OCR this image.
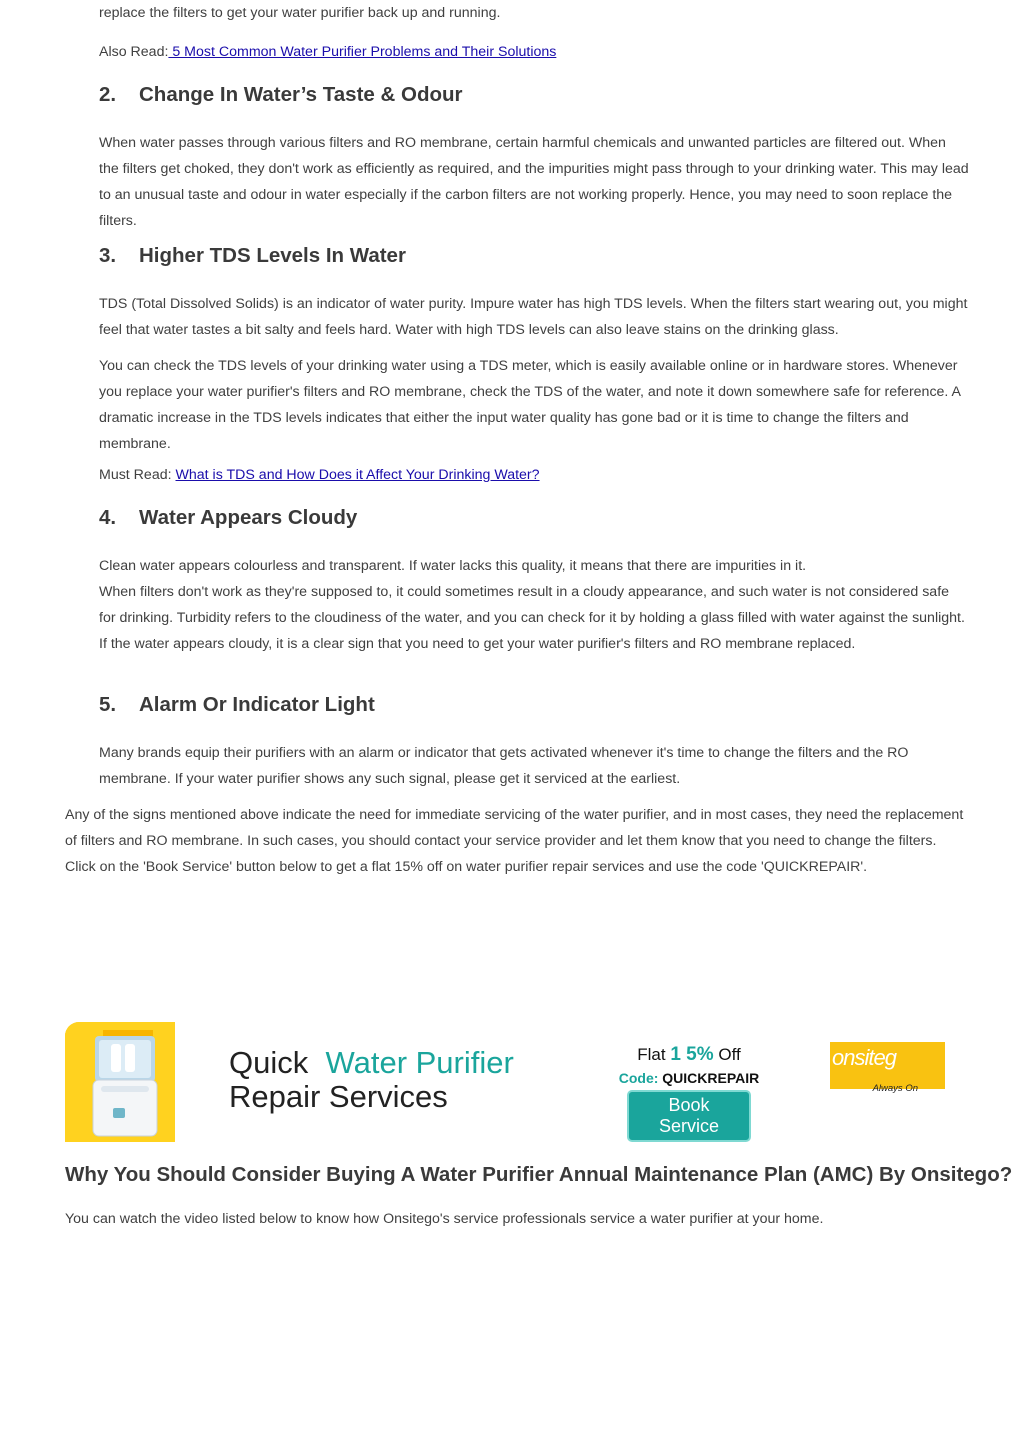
replace the filters to get your water purifier back up and running.

Also Read: 5 Most Common Water Purifier Problems and Their Solutions

2. Change In Water’s Taste & Odour

When water passes through various filters and RO membrane, certain harmful chemicals and unwanted particles are filtered out. When the filters get choked, they don't work as efficiently as required, and the impurities might pass through to your drinking water. This may lead to an unusual taste and odour in water especially if the carbon filters are not working properly. Hence, you may need to soon replace the filters.

3. Higher TDS Levels In Water

TDS (Total Dissolved Solids) is an indicator of water purity. Impure water has high TDS levels. When the filters start wearing out, you might feel that water tastes a bit salty and feels hard. Water with high TDS levels can also leave stains on the drinking glass.

You can check the TDS levels of your drinking water using a TDS meter, which is easily available online or in hardware stores. Whenever you replace your water purifier's filters and RO membrane, check the TDS of the water, and note it down somewhere safe for reference. A dramatic increase in the TDS levels indicates that either the input water quality has gone bad or it is time to change the filters and membrane.

Must Read: What is TDS and How Does it Affect Your Drinking Water?

4. Water Appears Cloudy

Clean water appears colourless and transparent. If water lacks this quality, it means that there are impurities in it.

When filters don't work as they're supposed to, it could sometimes result in a cloudy appearance, and such water is not considered safe for drinking. Turbidity refers to the cloudiness of the water, and you can check for it by holding a glass filled with water against the sunlight. If the water appears cloudy, it is a clear sign that you need to get your water purifier's filters and RO membrane replaced.

5. Alarm Or Indicator Light

Many brands equip their purifiers with an alarm or indicator that gets activated whenever it's time to change the filters and the RO membrane. If your water purifier shows any such signal, please get it serviced at the earliest.

Any of the signs mentioned above indicate the need for immediate servicing of the water purifier, and in most cases, they need the replacement of filters and RO membrane. In such cases, you should contact your service provider and let them know that you need to change the filters. Click on the 'Book Service' button below to get a flat 15% off on water purifier repair services and use the code 'QUICKREPAIR'.

Quick Water Purifier
Repair Services
Flat 1 5% Off
Code: QUICKREPAIR
Book Service
onsiteg
Always On
Why You Should Consider Buying A Water Purifier Annual Maintenance Plan (AMC) By Onsitego?

You can watch the video listed below to know how Onsitego's service professionals service a water purifier at your home.
